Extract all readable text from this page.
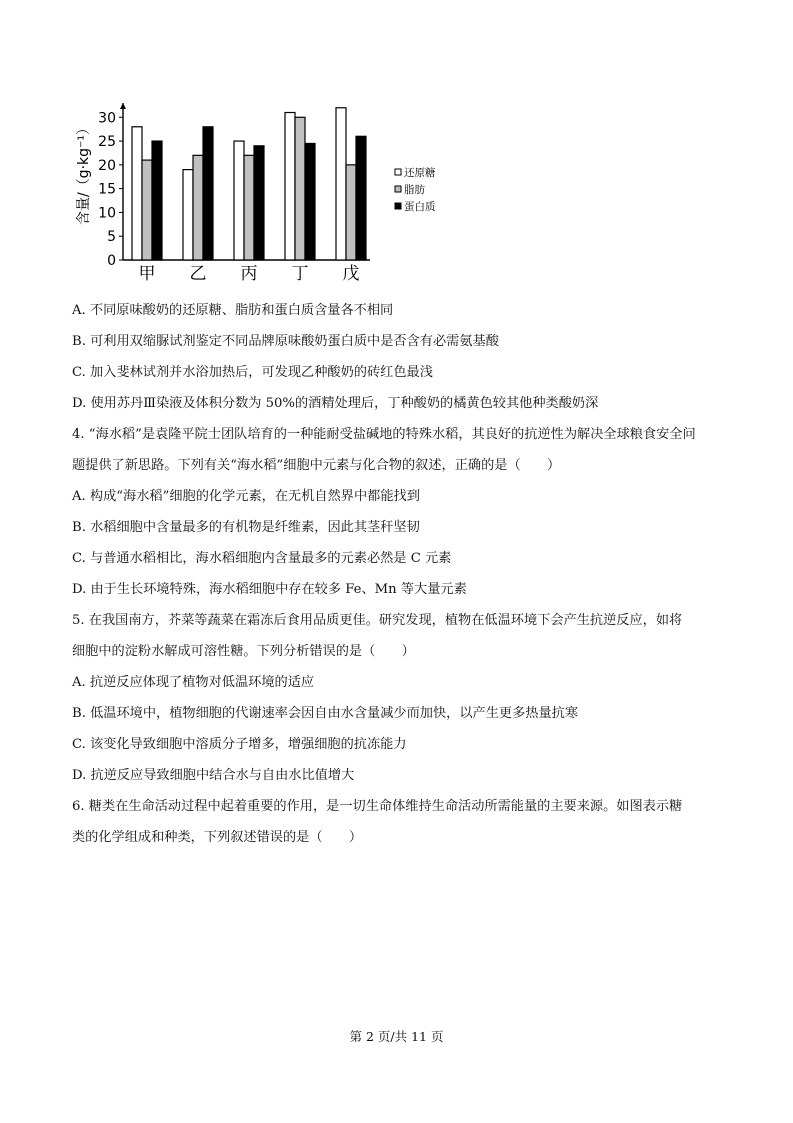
0
5
10
15
20
25
30
甲 乙 丙 丁 戊
还原糖
脂肪
蛋白质
含量/（g·kg⁻¹）
A. 不同原味酸奶的还原糖、脂肪和蛋白质含量各不相同
B. 可利用双缩脲试剂鉴定不同品牌原味酸奶蛋白质中是否含有必需氨基酸
C. 加入斐林试剂并水浴加热后，可发现乙种酸奶的砖红色最浅
D. 使用苏丹Ⅲ染液及体积分数为 50%的酒精处理后，丁种酸奶的橘黄色较其他种类酸奶深
4. “海水稻”是袁隆平院士团队培育的一种能耐受盐碱地的特殊水稻，其良好的抗逆性为解决全球粮食安全问
题提供了新思路。下列有关“海水稻”细胞中元素与化合物的叙述，正确的是（　　）
A. 构成“海水稻”细胞的化学元素，在无机自然界中都能找到
B. 水稻细胞中含量最多的有机物是纤维素，因此其茎秆坚韧
C. 与普通水稻相比，海水稻细胞内含量最多的元素必然是 C 元素
D. 由于生长环境特殊，海水稻细胞中存在较多 Fe、Mn 等大量元素
5. 在我国南方，芥菜等蔬菜在霜冻后食用品质更佳。研究发现，植物在低温环境下会产生抗逆反应，如将
细胞中的淀粉水解成可溶性糖。下列分析错误的是（　　）
A. 抗逆反应体现了植物对低温环境的适应
B. 低温环境中，植物细胞的代谢速率会因自由水含量减少而加快，以产生更多热量抗寒
C. 该变化导致细胞中溶质分子增多，增强细胞的抗冻能力
D. 抗逆反应导致细胞中结合水与自由水比值增大
6. 糖类在生命活动过程中起着重要的作用，是一切生命体维持生命活动所需能量的主要来源。如图表示糖
类的化学组成和种类，下列叙述错误的是（　　）
第 2 页/共 11 页
